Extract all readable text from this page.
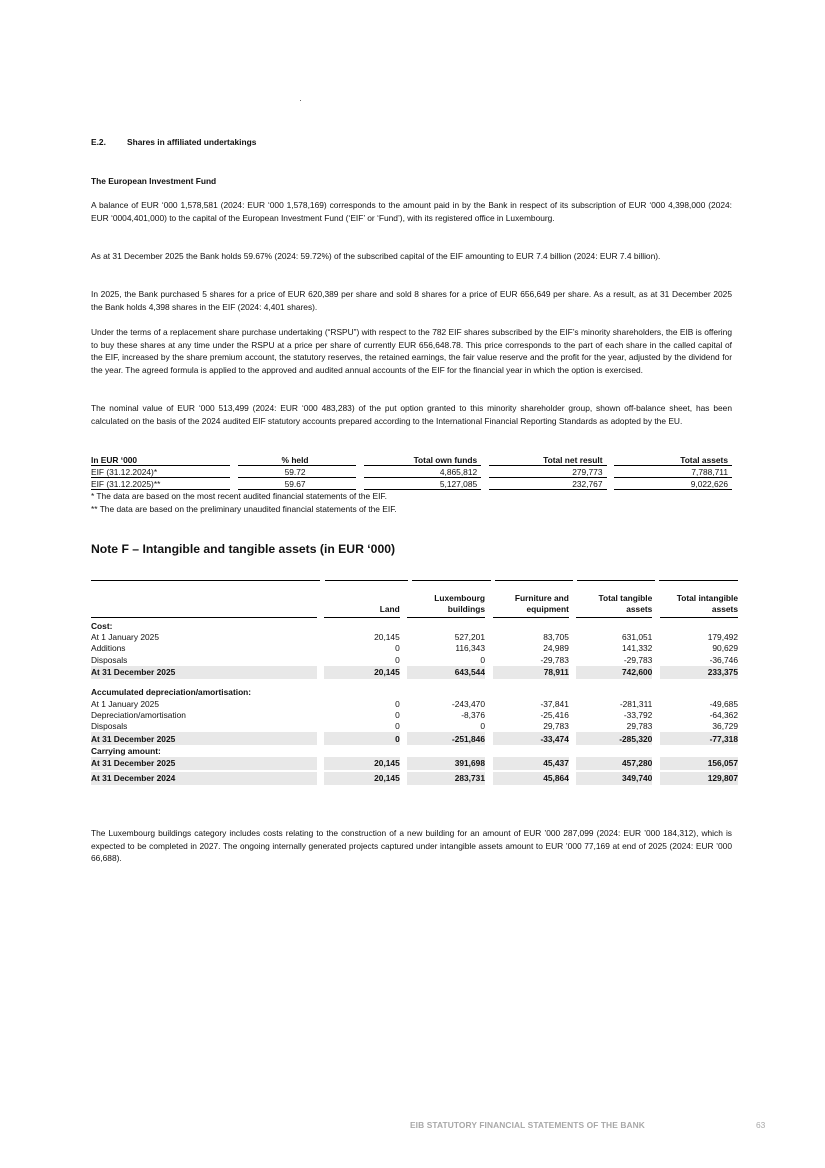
E.2.	Shares in affiliated undertakings
The European Investment Fund

A balance of EUR ‘000 1,578,581 (2024: EUR ‘000 1,578,169) corresponds to the amount paid in by the Bank in respect of its subscription of EUR ‘000 4,398,000 (2024: EUR ‘0004,401,000) to the capital of the European Investment Fund (‘EIF’ or ‘Fund’), with its registered office in Luxembourg.

As at 31 December 2025 the Bank holds 59.67% (2024: 59.72%) of the subscribed capital of the EIF amounting to EUR 7.4 billion (2024: EUR 7.4 billion).

In 2025, the Bank purchased 5 shares for a price of EUR 620,389 per share and sold 8 shares for a price of EUR 656,649 per share. As a result, as at 31 December 2025 the Bank holds 4,398 shares in the EIF (2024: 4,401 shares).

Under the terms of a replacement share purchase undertaking (“RSPU”) with respect to the 782 EIF shares subscribed by the EIF’s minority shareholders, the EIB is offering to buy these shares at any time under the RSPU at a price per share of currently EUR 656,648.78. This price corresponds to the part of each share in the called capital of the EIF, increased by the share premium account, the statutory reserves, the retained earnings, the fair value reserve and the profit for the year, adjusted by the dividend for the year. The agreed formula is applied to the approved and audited annual accounts of the EIF for the financial year in which the option is exercised.

The nominal value of EUR ‘000 513,499 (2024: EUR ‘000 483,283) of the put option granted to this minority shareholder group, shown off-balance sheet, has been calculated on the basis of the 2024 audited EIF statutory accounts prepared according to the International Financial Reporting Standards as adopted by the EU.

In EUR ‘000		% held		Total own funds		Total net result		Total assets
EIF (31.12.2024)*		59.72		4,865,812		279,773		7,788,711
EIF (31.12.2025)**		59.67		5,127,085		232,767		9,022,626
* The data are based on the most recent audited financial statements of the EIF.
** The data are based on the preliminary unaudited financial statements of the EIF.
Note F – Intangible and tangible assets (in EUR ‘000)
		Land		Luxembourg buildings		Furniture and equipment		Total tangible assets		Total intangible assets

Cost:										
At 1 January 2025		20,145		527,201		83,705		631,051		179,492
Additions		0		116,343		24,989		141,332		90,629
Disposals		0		0		-29,783		-29,783		-36,746
At 31 December 2025		20,145		643,544		78,911		742,600		233,375

Accumulated depreciation/amortisation:										
At 1 January 2025		0		-243,470		-37,841		-281,311		-49,685
Depreciation/amortisation		0		-8,376		-25,416		-33,792		-64,362
Disposals		0		0		29,783		29,783		36,729
At 31 December 2025		0		-251,846		-33,474		-285,320		-77,318
Carrying amount:										
At 31 December 2025		20,145		391,698		45,437		457,280		156,057

At 31 December 2024		20,145		283,731		45,864		349,740		129,807

The Luxembourg buildings category includes costs relating to the construction of a new building for an amount of EUR ’000 287,099 (2024: EUR ’000 184,312), which is expected to be completed in 2027. The ongoing internally generated projects captured under intangible assets amount to EUR ’000 77,169 at end of 2025 (2024: EUR ’000 66,688).

EIB STATUTORY FINANCIAL STATEMENTS OF THE BANK	63
